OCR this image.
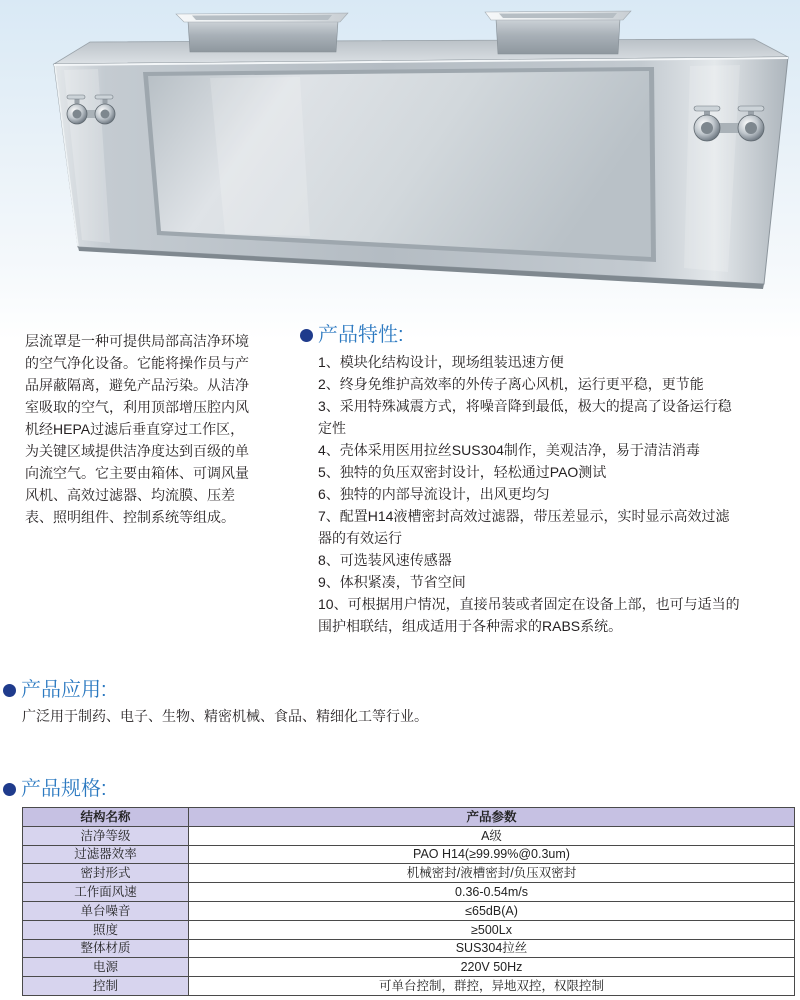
层流罩是一种可提供局部高洁净环境
的空气净化设备。它能将操作员与产
品屏蔽隔离，避免产品污染。从洁净
室吸取的空气，利用顶部增压腔内风
机经HEPA过滤后垂直穿过工作区，
为关键区域提供洁净度达到百级的单
向流空气。它主要由箱体、可调风量
风机、高效过滤器、均流膜、压差
表、照明组件、控制系统等组成。
产品特性:
1、模块化结构设计，现场组装迅速方便
2、终身免维护高效率的外传子离心风机，运行更平稳，更节能
3、采用特殊减震方式，将噪音降到最低，极大的提高了设备运行稳
定性
4、壳体采用医用拉丝SUS304制作，美观洁净，易于清洁消毒
5、独特的负压双密封设计，轻松通过PAO测试
6、独特的内部导流设计，出风更均匀
7、配置H14液槽密封高效过滤器，带压差显示，实时显示高效过滤
器的有效运行
8、可选装风速传感器
9、体积紧凑，节省空间
10、可根据用户情况，直接吊装或者固定在设备上部，也可与适当的
围护相联结，组成适用于各种需求的RABS系统。
产品应用:
广泛用于制药、电子、生物、精密机械、食品、精细化工等行业。
产品规格:
结构名称	产品参数
洁净等级	A级
过滤器效率	PAO H14(≥99.99%@0.3um)
密封形式	机械密封/液槽密封/负压双密封
工作面风速	0.36-0.54m/s
单台噪音	≤65dB(A)
照度	≥500Lx
整体材质	SUS304拉丝
电源	220V 50Hz
控制	可单台控制，群控，异地双控，权限控制
